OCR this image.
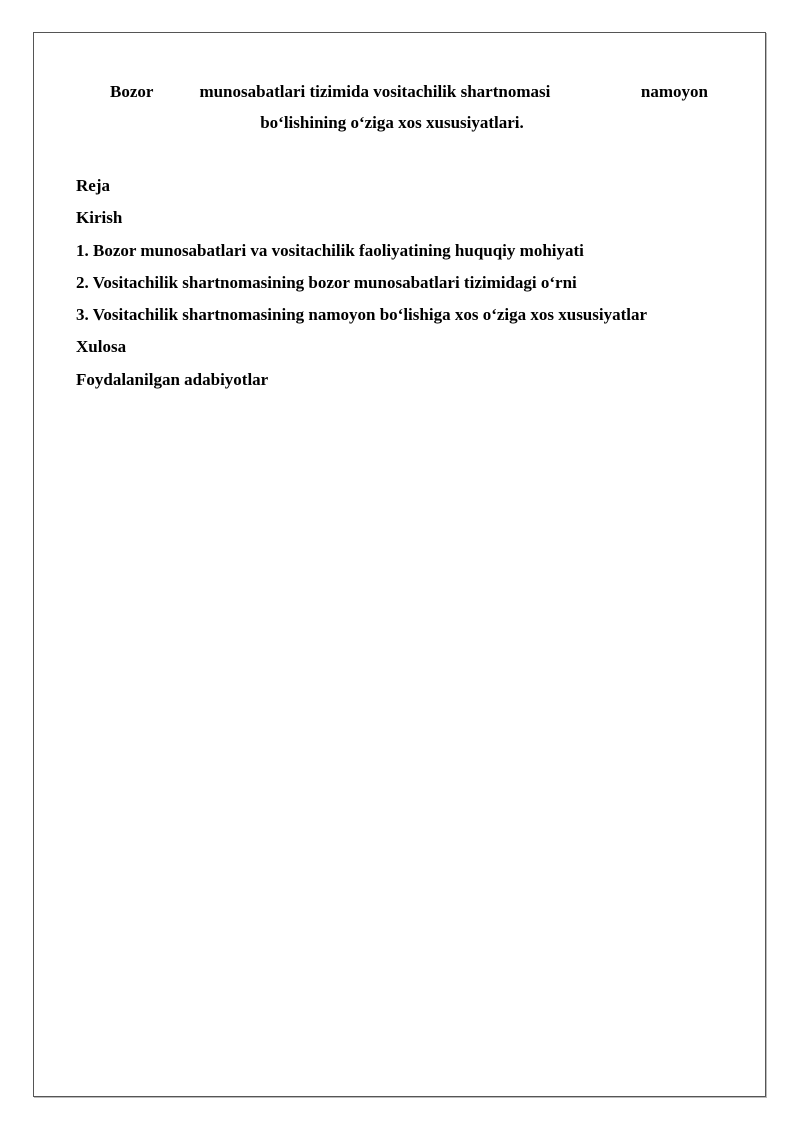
Bozor	munosabatlari tizimida vositachilik shartnomasi	namoyon
bo‘lishining o‘ziga xos xususiyatlari.
Reja
Kirish
1. Bozor munosabatlari va vositachilik faoliyatining huquqiy mohiyati
2. Vositachilik shartnomasining bozor munosabatlari tizimidagi o‘rni
3. Vositachilik shartnomasining namoyon bo‘lishiga xos o‘ziga xos xususiyatlar
Xulosa
Foydalanilgan adabiyotlar
